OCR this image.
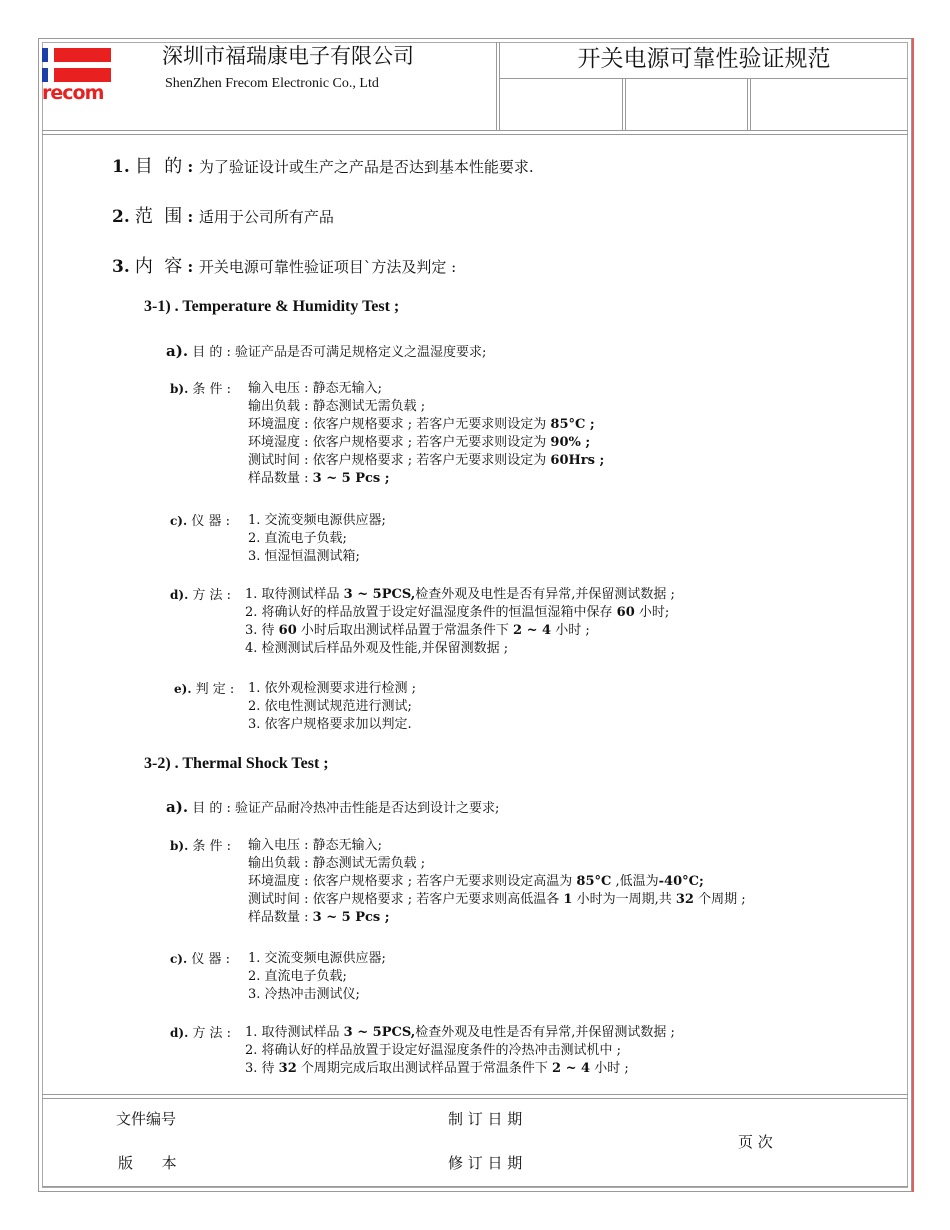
recom
深圳市福瑞康电子有限公司
ShenZhen Frecom Electronic Co., Ltd
开关电源可靠性验证规范
1. 目  的 : 为了验证设计或生产之产品是否达到基本性能要求.
2. 范  围 : 适用于公司所有产品
3. 内  容 : 开关电源可靠性验证项目`方法及判定 :
3-1) . Temperature & Humidity Test ;
a). 目 的 : 验证产品是否可满足规格定义之温湿度要求;
b). 条 件 : 输入电压 : 静态无输入;
输出负载 : 静态测试无需负载 ;
环境温度 : 依客户规格要求 ; 若客户无要求则设定为 85°C ;
环境湿度 : 依客户规格要求 ; 若客户无要求则设定为 90% ;
测试时间 : 依客户规格要求 ; 若客户无要求则设定为 60Hrs ;
样品数量 : 3 ~ 5 Pcs ;
c). 仪 器 : 1. 交流变频电源供应器;
2. 直流电子负载;
3. 恒湿恒温测试箱;
d). 方 法 : 1. 取待测试样品 3 ~ 5PCS,检查外观及电性是否有异常,并保留测试数据 ;
2. 将确认好的样品放置于设定好温湿度条件的恒温恒湿箱中保存 60 小时;
3. 待 60 小时后取出测试样品置于常温条件下 2 ~ 4 小时 ;
4. 检测测试后样品外观及性能,并保留测数据 ;
e). 判 定 : 1. 依外观检测要求进行检测 ;
2. 依电性测试规范进行测试;
3. 依客户规格要求加以判定.
3-2) . Thermal Shock Test ;
a). 目 的 : 验证产品耐冷热冲击性能是否达到设计之要求;
b). 条 件 : 输入电压 : 静态无输入;
输出负载 : 静态测试无需负载 ;
环境温度 : 依客户规格要求 ; 若客户无要求则设定高温为 85°C ,低温为-40°C;
测试时间 : 依客户规格要求 ; 若客户无要求则高低温各 1 小时为一周期,共 32 个周期 ;
样品数量 : 3 ~ 5 Pcs ;
c). 仪 器 : 1. 交流变频电源供应器;
2. 直流电子负载;
3. 冷热冲击测试仪;
d). 方 法 : 1. 取待测试样品 3 ~ 5PCS,检查外观及电性是否有异常,并保留测试数据 ;
2. 将确认好的样品放置于设定好温湿度条件的冷热冲击测试机中 ;
3. 待 32 个周期完成后取出测试样品置于常温条件下 2 ~ 4 小时 ;
文件编号
版      本
制 订 日 期
修 订 日 期
页 次
